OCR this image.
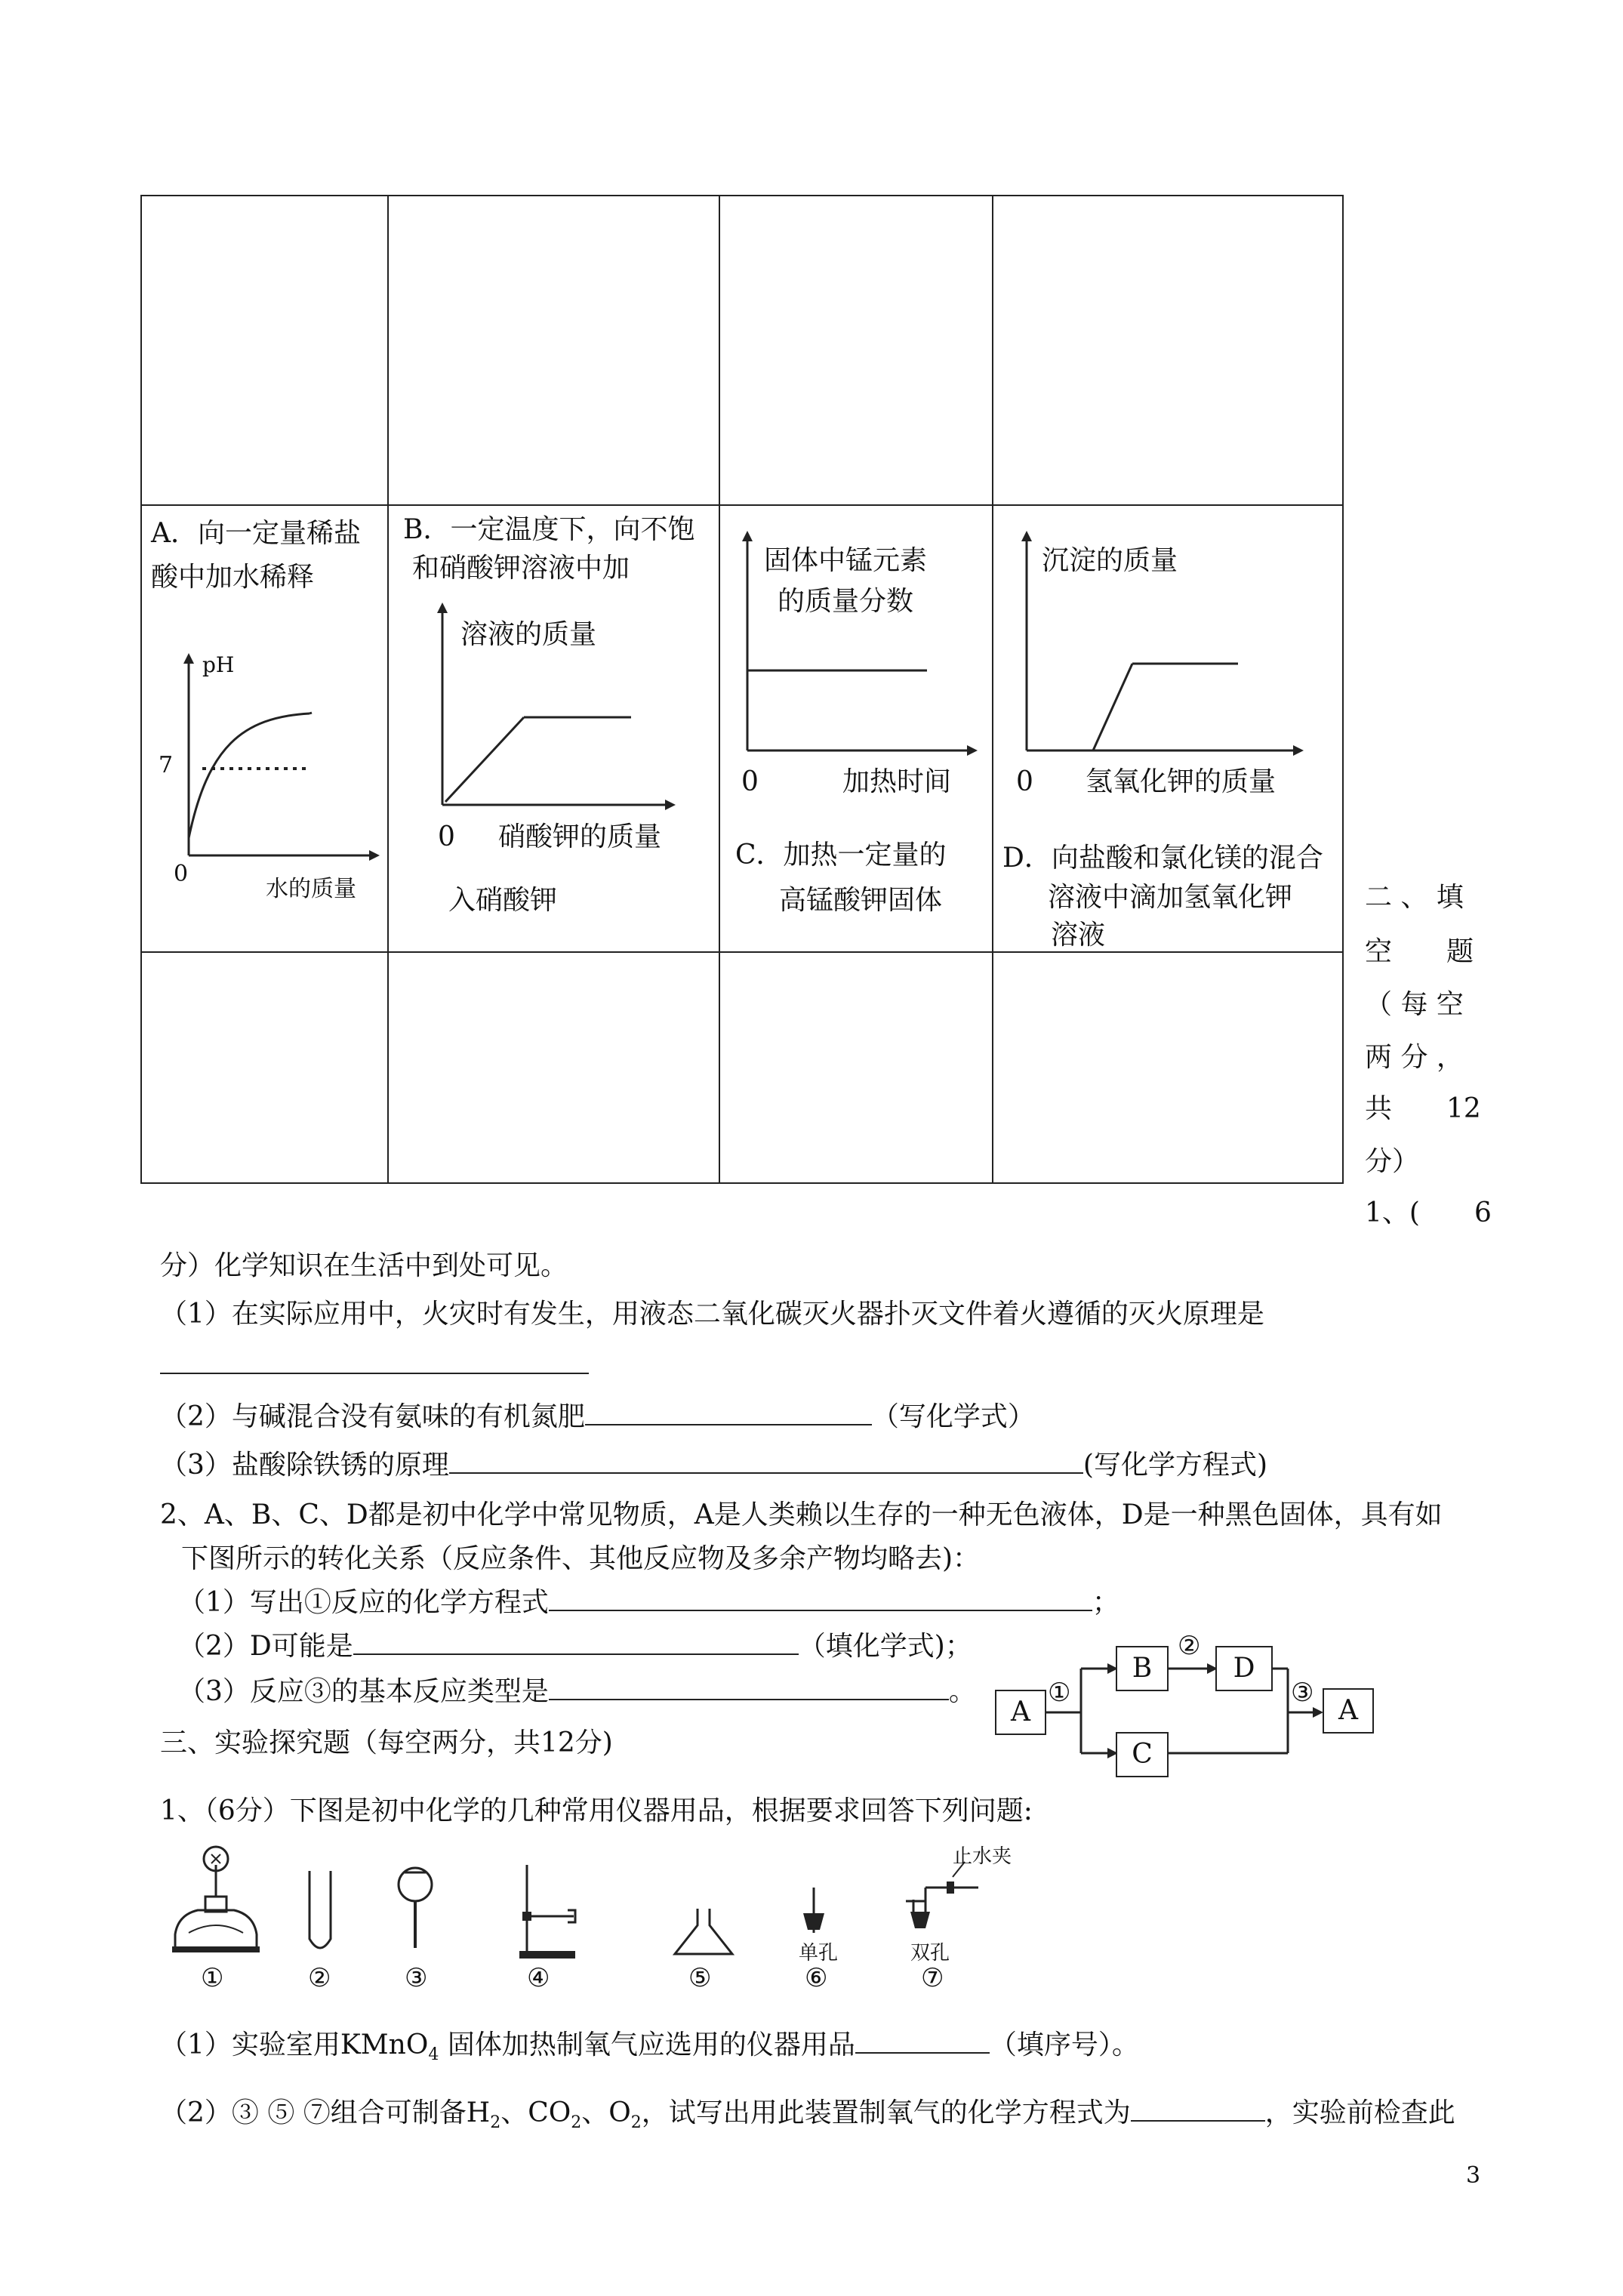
A．向一定量稀盐
酸中加水稀释
pH
7
0
水的质量
B．一定温度下，向不饱
和硝酸钾溶液中加
溶液的质量
0 硝酸钾的质量
入硝酸钾
固体中锰元素
的质量分数
0	加热时间
C．加热一定量的
高锰酸钾固体
沉淀的质量
0 氢氧化钾的质量
D．向盐酸和氯化镁的混合
溶液中滴加氢氧化钾
溶液
二 、 填
空　　题
（ 每 空
两 分 ，
共　　12
分）
1、(　　6
分）化学知识在生活中到处可见。
（1）在实际应用中，火灾时有发生，用液态二氧化碳灭火器扑灭文件着火遵循的灭火原理是
（2）与碱混合没有氨味的有机氮肥	（写化学式）
（3）盐酸除铁锈的原理	(写化学方程式)
2、A、B、C、D都是初中化学中常见物质，A是人类赖以生存的一种无色液体，D是一种黑色固体，具有如
下图所示的转化关系（反应条件、其他反应物及多余产物均略去)：
（1）写出①反应的化学方程式	；
（2）D可能是	（填化学式)；
（3）反应③的基本反应类型是	。
A
B	D
C
A
①
②
③
三、实验探究题（每空两分，共12分)
1、（6分）下图是初中化学的几种常用仪器用品，根据要求回答下列问题:
单孔	双孔
止水夹
①	②	③	④	⑤	⑥	⑦
（1）实验室用KMnO$_4$ 固体加热制氧气应选用的仪器用品	（填序号）。
（2）③ ⑤ ⑦组合可制备$H_2$、$CO_2$、$O_2$，试写出用此装置制氧气的化学方程式为	，实验前检查此
3
